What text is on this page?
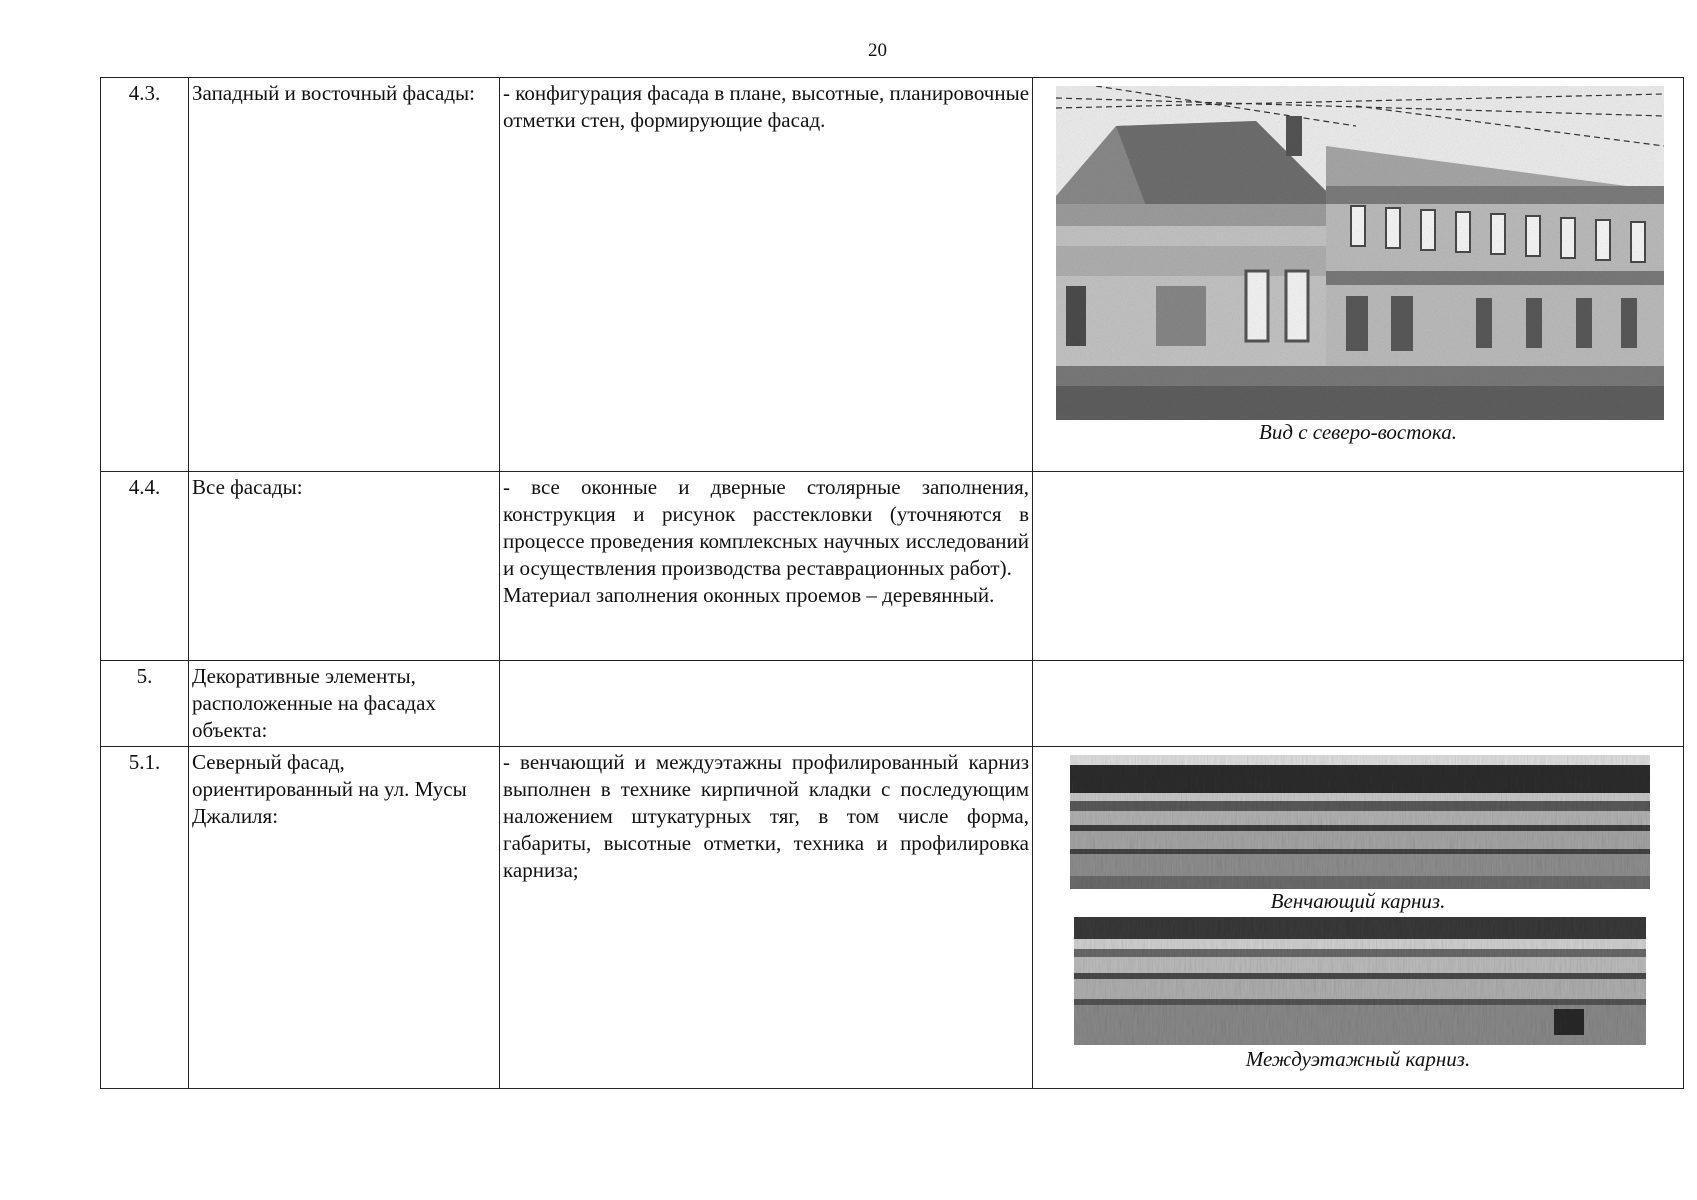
20
4.3.	Западный и восточный фасады:	- конфигурация фасада в плане, высотные, планировочные отметки стен, формирующие фасад.	Вид с северо-востока.

4.4.	Все фасады:	- все оконные и дверные столярные заполнения, конструкция и рисунок расстекловки (уточняются в процессе проведения комплексных научных исследований и осуществления производства реставрационных работ).
Материал заполнения оконных проемов – деревянный.	

5.	Декоративные элементы, расположенные на фасадах объекта:		
5.1.	Северный фасад, ориентированный на ул. Мусы Джалиля:	- венчающий и междуэтажны профилированный карниз выполнен в технике кирпичной кладки с последующим наложением штукатурных тяг, в том числе форма, габариты, высотные отметки, техника и профилировка карниза;	Венчающий карниз.
Междуэтажный карниз.
